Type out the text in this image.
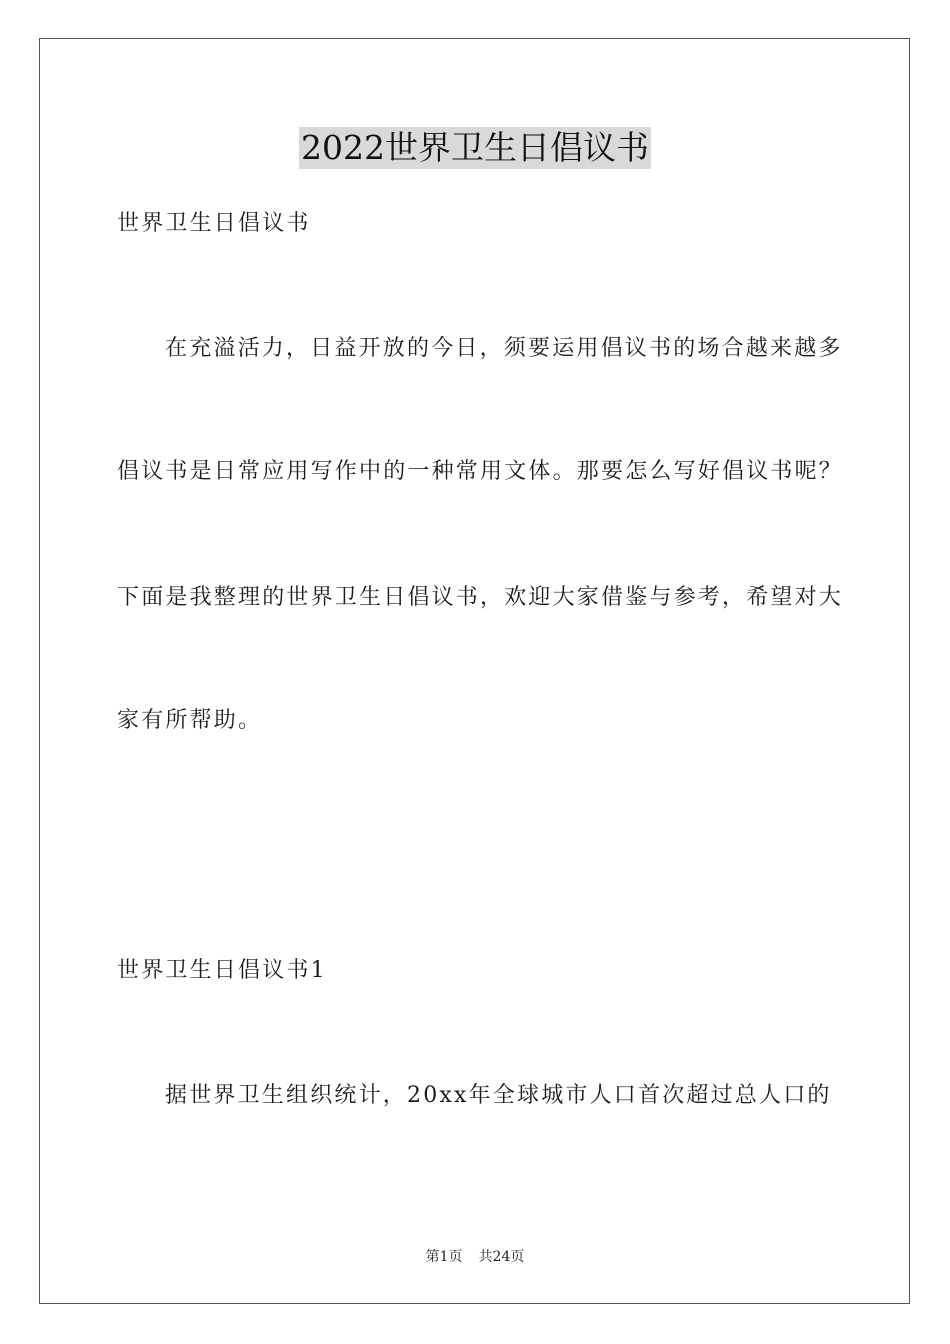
2022世界卫生日倡议书
世界卫生日倡议书
在充溢活力，日益开放的今日，须要运用倡议书的场合越来越多
倡议书是日常应用写作中的一种常用文体。那要怎么写好倡议书呢？
下面是我整理的世界卫生日倡议书，欢迎大家借鉴与参考，希望对大
家有所帮助。
世界卫生日倡议书1
据世界卫生组织统计，20xx年全球城市人口首次超过总人口的
第1页 共24页
